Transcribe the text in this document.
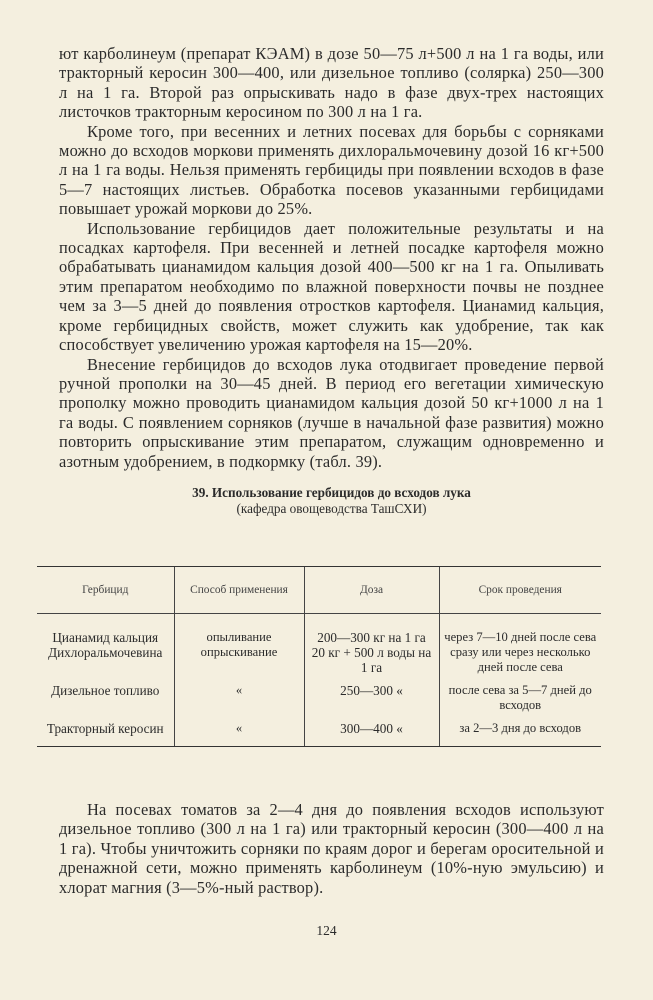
ют карболинеум (препарат КЭАМ) в дозе 50—75 л+500 л на 1 га воды, или тракторный керосин 300—400, или дизельное топливо (солярка) 250—300 л на 1 га. Второй раз опрыскивать надо в фазе двух-трех настоящих листочков тракторным керосином по 300 л на 1 га.

Кроме того, при весенних и летних посевах для борьбы с сорняками можно до всходов моркови применять дихлоральмочевину дозой 16 кг+500 л на 1 га воды. Нельзя применять гербициды при появлении всходов в фазе 5—7 настоящих листьев. Обработка посевов указанными гербицидами повышает урожай моркови до 25%.

Использование гербицидов дает положительные результаты и на посадках картофеля. При весенней и летней посадке картофеля можно обрабатывать цианамидом кальция дозой 400—500 кг на 1 га. Опыливать этим препаратом необходимо по влажной поверхности почвы не позднее чем за 3—5 дней до появления отростков картофеля. Цианамид кальция, кроме гербицидных свойств, может служить как удобрение, так как способствует увеличению урожая картофеля на 15—20%.

Внесение гербицидов до всходов лука отодвигает проведение первой ручной прополки на 30—45 дней. В период его вегетации химическую прополку можно проводить цианамидом кальция дозой 50 кг+1000 л на 1 га воды. С появлением сорняков (лучше в начальной фазе развития) можно повторить опрыскивание этим препаратом, служащим одновременно и азотным удобрением, в подкормку (табл. 39).

39. Использование гербицидов до всходов лука
(кафедра овощеводства ТашСХИ)
Гербицид	Способ применения	Доза	Срок проведения
Цианамид кальция	опыливание	200—300 кг на 1 га	через 7—10 дней после сева
Дихлоральмочевина	опрыскивание	20 кг + 500 л воды на 1 га	сразу или через несколько дней после сева
Дизельное топливо	«	250—300 «	после сева за 5—7 дней до всходов
Тракторный керосин	«	300—400 «	за 2—3 дня до всходов

На посевах томатов за 2—4 дня до появления всходов используют дизельное топливо (300 л на 1 га) или тракторный керосин (300—400 л на 1 га). Чтобы уничтожить сорняки по краям дорог и берегам оросительной и дренажной сети, можно применять карболинеум (10%-ную эмульсию) и хлорат магния (3—5%-ный раствор).

124
